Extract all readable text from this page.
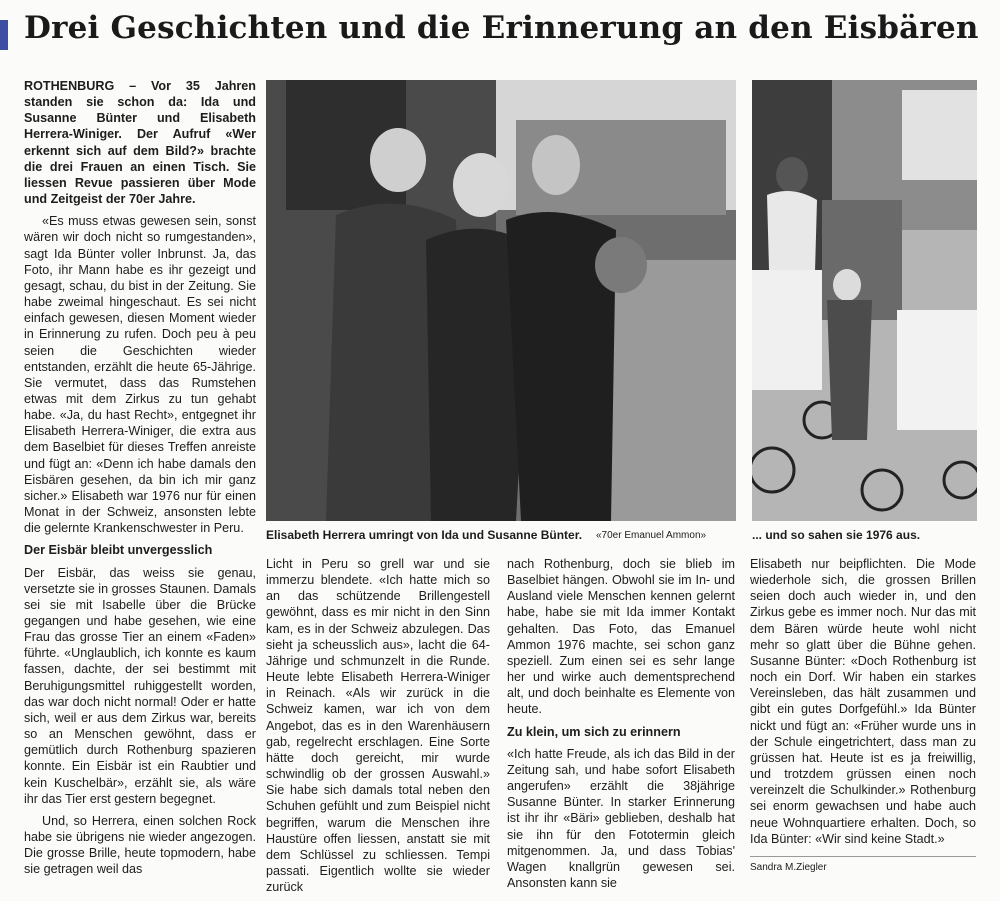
Drei Geschichten und die Erinnerung an den Eisbären

ROTHENBURG – Vor 35 Jahren standen sie schon da: Ida und Susanne Bünter und Elisabeth Herrera-Winiger. Der Aufruf «Wer erkennt sich auf dem Bild?» brachte die drei Frauen an einen Tisch. Sie liessen Revue passieren über Mode und Zeitgeist der 70er Jahre.

«Es muss etwas gewesen sein, sonst wären wir doch nicht so rumgestanden», sagt Ida Bünter voller Inbrunst. Ja, das Foto, ihr Mann habe es ihr gezeigt und gesagt, schau, du bist in der Zeitung. Sie habe zweimal hingeschaut. Es sei nicht einfach gewesen, diesen Moment wieder in Erinnerung zu rufen. Doch peu à peu seien die Geschichten wieder entstanden, erzählt die heute 65-Jährige. Sie vermutet, dass das Rumstehen etwas mit dem Zirkus zu tun gehabt habe. «Ja, du hast Recht», entgegnet ihr Elisabeth Herrera-Winiger, die extra aus dem Baselbiet für dieses Treffen anreiste und fügt an: «Denn ich habe damals den Eisbären gesehen, da bin ich mir ganz sicher.» Elisabeth war 1976 nur für einen Monat in der Schweiz, ansonsten lebte die gelernte Krankenschwester in Peru.

Der Eisbär bleibt unvergesslich

Der Eisbär, das weiss sie genau, versetzte sie in grosses Staunen. Damals sei sie mit Isabelle über die Brücke gegangen und habe gesehen, wie eine Frau das grosse Tier an einem «Faden» führte. «Unglaublich, ich konnte es kaum fassen, dachte, der sei bestimmt mit Beruhigungsmittel ruhiggestellt worden, das war doch nicht normal! Oder er hatte sich, weil er aus dem Zirkus war, bereits so an Menschen gewöhnt, dass er gemütlich durch Rothenburg spazieren konnte. Ein Eisbär ist ein Raubtier und kein Kuschelbär», erzählt sie, als wäre ihr das Tier erst gestern begegnet.

Und, so Herrera, einen solchen Rock habe sie übrigens nie wieder angezogen. Die grosse Brille, heute topmodern, habe sie getragen weil das

Elisabeth Herrera umringt von Ida und Susanne Bünter. «70er Emanuel Ammon»	... und so sahen sie 1976 aus.

Licht in Peru so grell war und sie immerzu blendete. «Ich hatte mich so an das schützende Brillengestell gewöhnt, dass es mir nicht in den Sinn kam, es in der Schweiz abzulegen. Das sieht ja scheusslich aus», lacht die 64-Jährige und schmunzelt in die Runde. Heute lebte Elisabeth Herrera-Winiger in Reinach. «Als wir zurück in die Schweiz kamen, war ich von dem Angebot, das es in den Warenhäusern gab, regelrecht erschlagen. Eine Sorte hätte doch gereicht, mir wurde schwindlig ob der grossen Auswahl.» Sie habe sich damals total neben den Schuhen gefühlt und zum Beispiel nicht begriffen, warum die Menschen ihre Haustüre offen liessen, anstatt sie mit dem Schlüssel zu schliessen. Tempi passati. Eigentlich wollte sie wieder zurück

nach Rothenburg, doch sie blieb im Baselbiet hängen. Obwohl sie im In- und Ausland viele Menschen kennen gelernt habe, habe sie mit Ida immer Kontakt gehalten. Das Foto, das Emanuel Ammon 1976 machte, sei schon ganz speziell. Zum einen sei es sehr lange her und wirke auch dementsprechend alt, und doch beinhalte es Elemente von heute.

Zu klein, um sich zu erinnern

«Ich hatte Freude, als ich das Bild in der Zeitung sah, und habe sofort Elisabeth angerufen» erzählt die 38jährige Susanne Bünter. In starker Erinnerung ist ihr ihr «Bäri» geblieben, deshalb hat sie ihn für den Fototermin gleich mitgenommen. Ja, und dass Tobias' Wagen knallgrün gewesen sei. Ansonsten kann sie

Elisabeth nur beipflichten. Die Mode wiederhole sich, die grossen Brillen seien doch auch wieder in, und den Zirkus gebe es immer noch. Nur das mit dem Bären würde heute wohl nicht mehr so glatt über die Bühne gehen. Susanne Bünter: «Doch Rothenburg ist noch ein Dorf. Wir haben ein starkes Vereinsleben, das hält zusammen und gibt ein gutes Dorfgefühl.» Ida Bünter nickt und fügt an: «Früher wurde uns in der Schule eingetrichtert, dass man zu grüssen hat. Heute ist es ja freiwillig, und trotzdem grüssen einen noch vereinzelt die Schulkinder.» Rothenburg sei enorm gewachsen und habe auch neue Wohnquartiere erhalten. Doch, so Ida Bünter: «Wir sind keine Stadt.»

Sandra M.Ziegler
